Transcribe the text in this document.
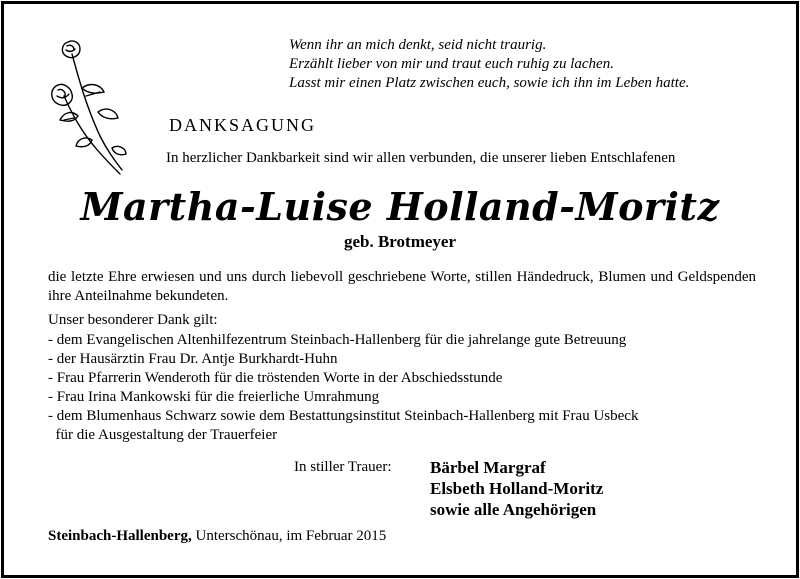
Wenn ihr an mich denkt, seid nicht traurig.
Erzählt lieber von mir und traut euch ruhig zu lachen.
Lasst mir einen Platz zwischen euch, sowie ich ihn im Leben hatte.
DANKSAGUNG
In herzlicher Dankbarkeit sind wir allen verbunden, die unserer lieben Entschlafenen
Martha-Luise Holland-Moritz
geb. Brotmeyer
die letzte Ehre erwiesen und uns durch liebevoll geschriebene Worte, stillen Händedruck, Blumen und Geldspenden ihre Anteilnahme bekundeten.
Unser besonderer Dank gilt:
- dem Evangelischen Altenhilfezentrum Steinbach-Hallenberg für die jahrelange gute Betreuung
- der Hausärztin Frau Dr. Antje Burkhardt-Huhn
- Frau Pfarrerin Wenderoth für die tröstenden Worte in der Abschiedsstunde
- Frau Irina Mankowski für die freierliche Umrahmung
- dem Blumenhaus Schwarz sowie dem Bestattungsinstitut Steinbach-Hallenberg mit Frau Usbeck
für die Ausgestaltung der Trauerfeier
In stiller Trauer: Bärbel Margraf
Elsbeth Holland-Moritz
sowie alle Angehörigen
Steinbach-Hallenberg, Unterschönau, im Februar 2015
